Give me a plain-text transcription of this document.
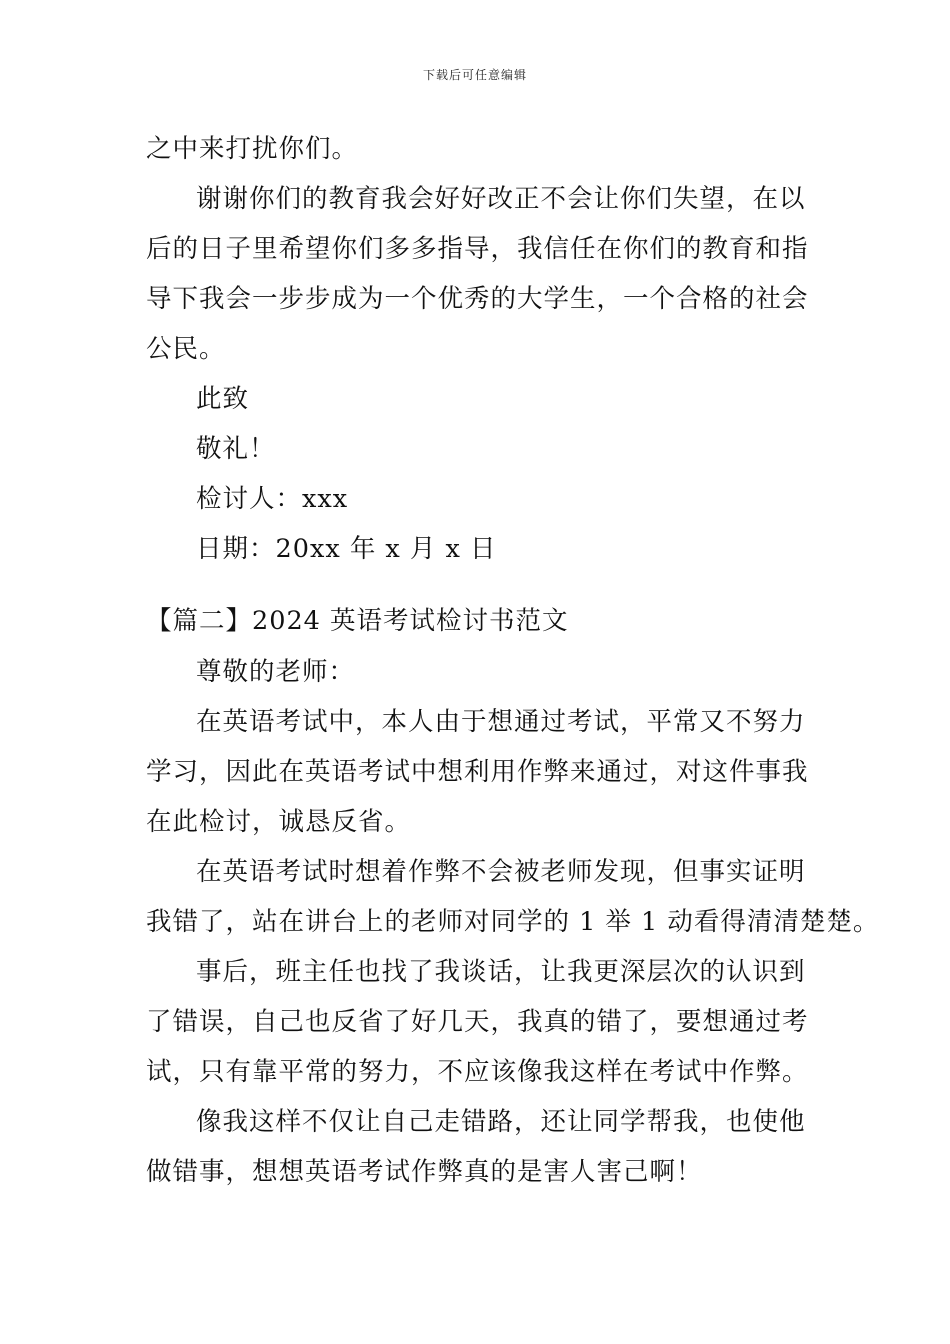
下载后可任意编辑
之中来打扰你们。
谢谢你们的教育我会好好改正不会让你们失望，在以
后的日子里希望你们多多指导，我信任在你们的教育和指
导下我会一步步成为一个优秀的大学生，一个合格的社会
公民。
此致
敬礼！
检讨人：xxx
日期：20xx 年 x 月 x 日
【篇二】2024 英语考试检讨书范文
尊敬的老师：
在英语考试中，本人由于想通过考试，平常又不努力
学习，因此在英语考试中想利用作弊来通过，对这件事我
在此检讨，诚恳反省。
在英语考试时想着作弊不会被老师发现，但事实证明
我错了，站在讲台上的老师对同学的 1 举 1 动看得清清楚楚。
事后，班主任也找了我谈话，让我更深层次的认识到
了错误，自己也反省了好几天，我真的错了，要想通过考
试，只有靠平常的努力，不应该像我这样在考试中作弊。
像我这样不仅让自己走错路，还让同学帮我，也使他
做错事，想想英语考试作弊真的是害人害己啊！
